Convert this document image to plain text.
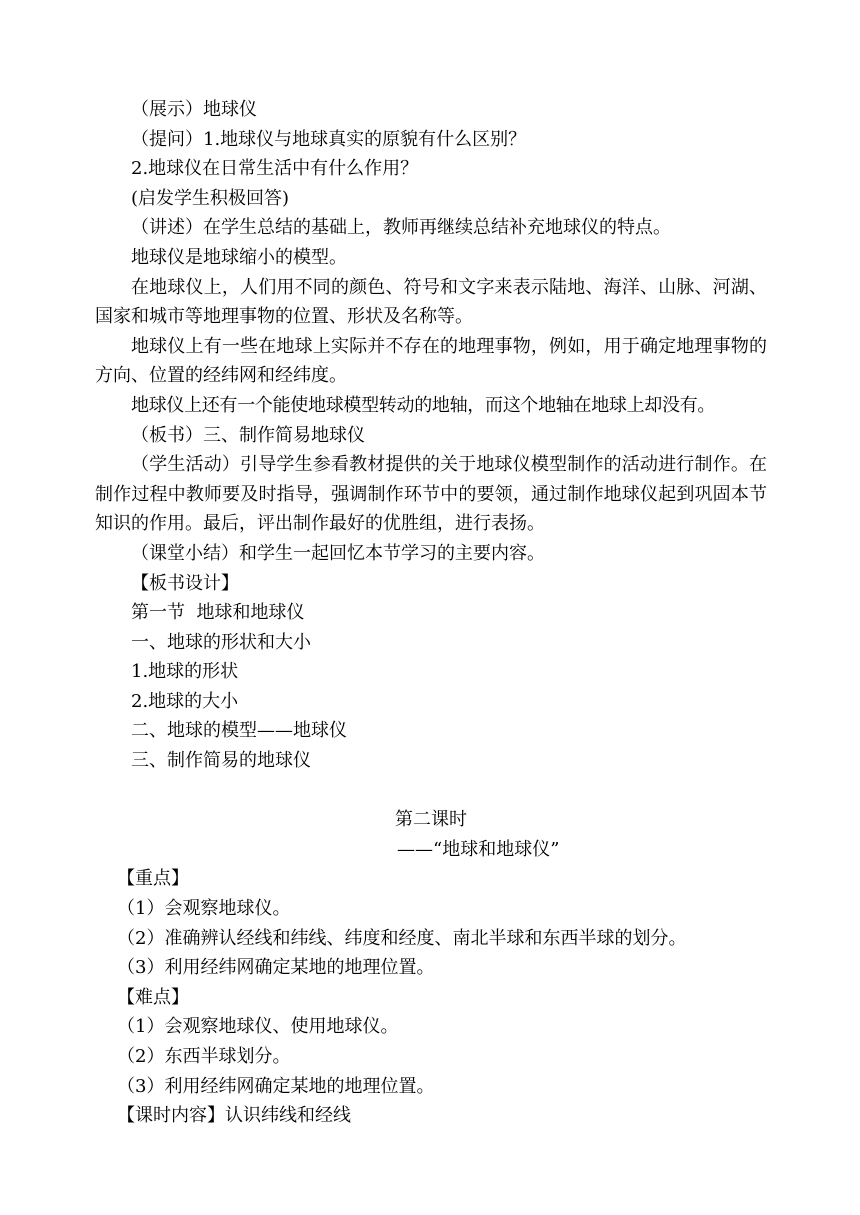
（展示）地球仪

（提问）1.地球仪与地球真实的原貌有什么区别？

2.地球仪在日常生活中有什么作用？

(启发学生积极回答)

（讲述）在学生总结的基础上，教师再继续总结补充地球仪的特点。

地球仪是地球缩小的模型。

在地球仪上，人们用不同的颜色、符号和文字来表示陆地、海洋、山脉、河湖、国家和城市等地理事物的位置、形状及名称等。

地球仪上有一些在地球上实际并不存在的地理事物，例如，用于确定地理事物的方向、位置的经纬网和经纬度。

地球仪上还有一个能使地球模型转动的地轴，而这个地轴在地球上却没有。

（板书）三、制作简易地球仪

（学生活动）引导学生参看教材提供的关于地球仪模型制作的活动进行制作。在制作过程中教师要及时指导，强调制作环节中的要领，通过制作地球仪起到巩固本节知识的作用。最后，评出制作最好的优胜组，进行表扬。

（课堂小结）和学生一起回忆本节学习的主要内容。

【板书设计】

第一节  地球和地球仪

一、地球的形状和大小

1.地球的形状

2.地球的大小

二、地球的模型——地球仪

三、制作简易的地球仪

第二课时

——“地球和地球仪”

【重点】

（1）会观察地球仪。

（2）准确辨认经线和纬线、纬度和经度、南北半球和东西半球的划分。

（3）利用经纬网确定某地的地理位置。

【难点】

（1）会观察地球仪、使用地球仪。

（2）东西半球划分。

（3）利用经纬网确定某地的地理位置。

【课时内容】认识纬线和经线
